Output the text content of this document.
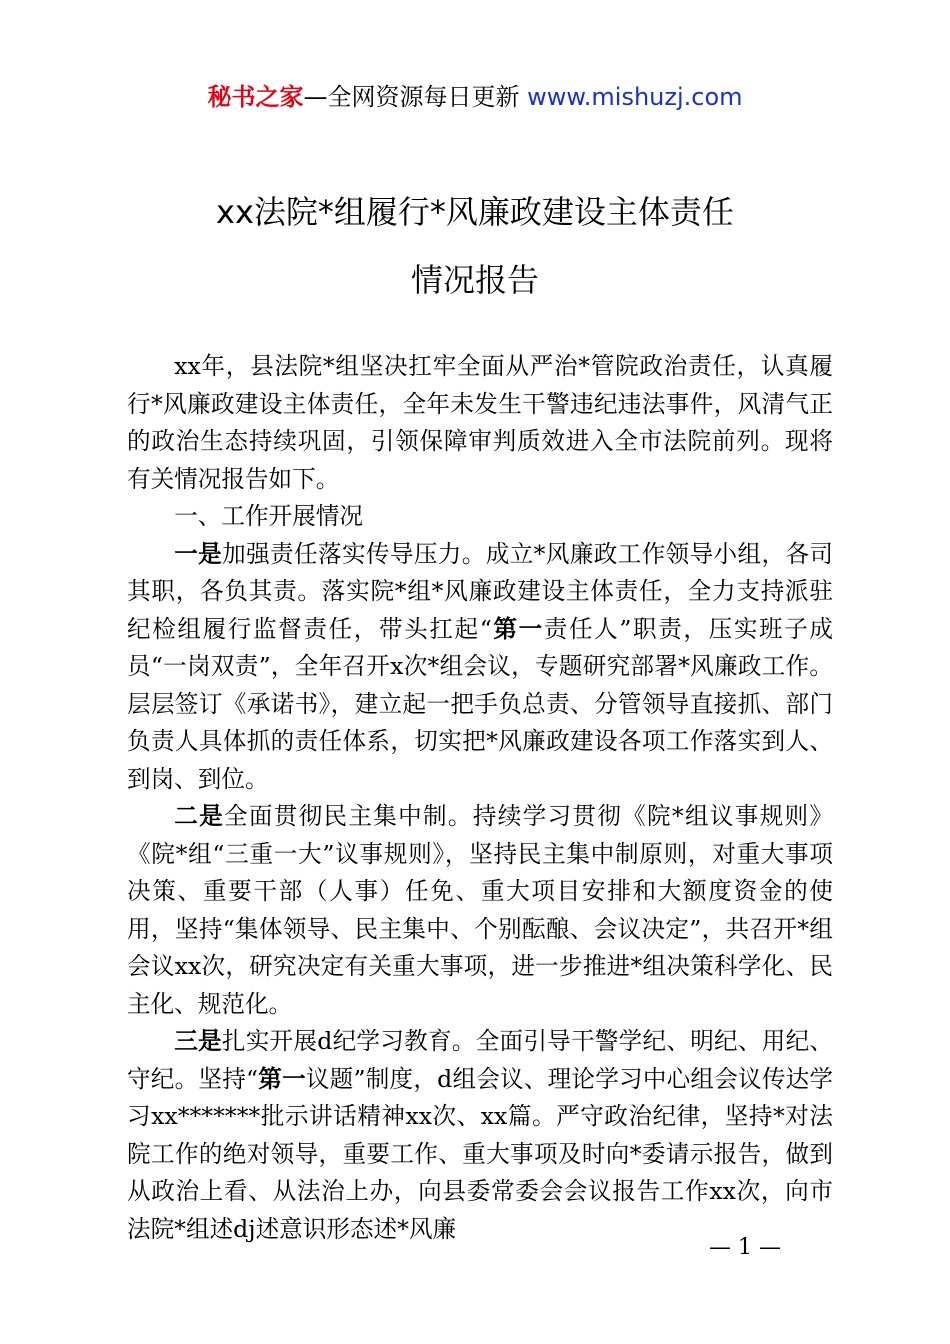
秘书之家—全网资源每日更新 www.mishuzj.com
xx法院*组履行*风廉政建设主体责任
情况报告

xx年，县法院*组坚决扛牢全面从严治*管院政治责任，认真履行*风廉政建设主体责任，全年未发生干警违纪违法事件，风清气正的政治生态持续巩固，引领保障审判质效进入全市法院前列。现将有关情况报告如下。

一、工作开展情况

一是加强责任落实传导压力。成立*风廉政工作领导小组，各司其职，各负其责。落实院*组*风廉政建设主体责任，全力支持派驻纪检组履行监督责任，带头扛起“第一责任人”职责，压实班子成员“一岗双责”，全年召开x次*组会议，专题研究部署*风廉政工作。层层签订《承诺书》，建立起一把手负总责、分管领导直接抓、部门负责人具体抓的责任体系，切实把*风廉政建设各项工作落实到人、到岗、到位。

二是全面贯彻民主集中制。持续学习贯彻《院*组议事规则》《院*组“三重一大”议事规则》，坚持民主集中制原则，对重大事项决策、重要干部（人事）任免、重大项目安排和大额度资金的使用，坚持“集体领导、民主集中、个别酝酿、会议决定”，共召开*组会议xx次，研究决定有关重大事项，进一步推进*组决策科学化、民主化、规范化。

三是扎实开展d纪学习教育。全面引导干警学纪、明纪、用纪、守纪。坚持“第一议题”制度，d组会议、理论学习中心组会议传达学习xx*******批示讲话精神xx次、xx篇。严守政治纪律，坚持*对法院工作的绝对领导，重要工作、重大事项及时向*委请示报告，做到从政治上看、从法治上办，向县委常委会会议报告工作xx次，向市法院*组述dj述意识形态述*风廉

— 1 —
